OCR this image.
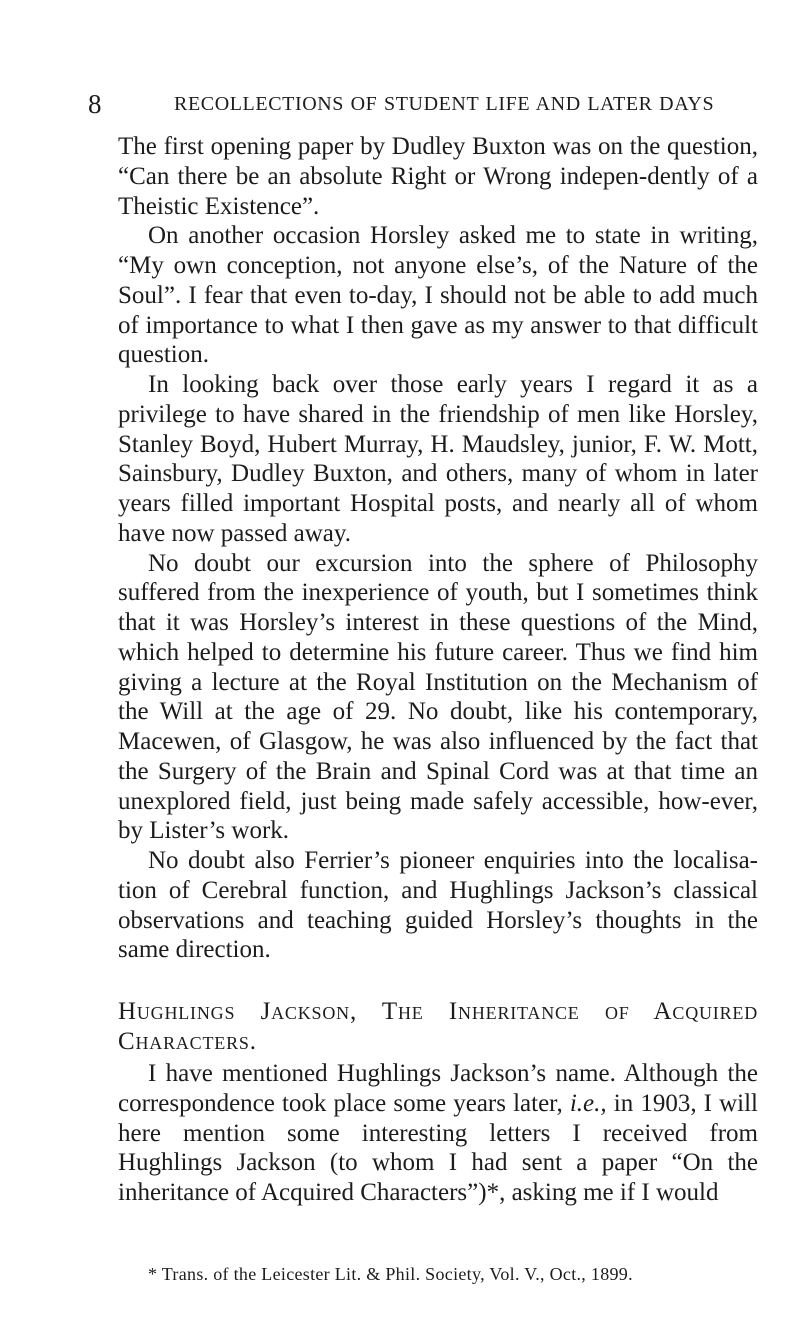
8	RECOLLECTIONS OF STUDENT LIFE AND LATER DAYS

The first opening paper by Dudley Buxton was on the question, “Can there be an absolute Right or Wrong indepen-dently of a Theistic Existence”.

On another occasion Horsley asked me to state in writing, “My own conception, not anyone else’s, of the Nature of the Soul”. I fear that even to-day, I should not be able to add much of importance to what I then gave as my answer to that difficult question.

In looking back over those early years I regard it as a privilege to have shared in the friendship of men like Horsley, Stanley Boyd, Hubert Murray, H. Maudsley, junior, F. W. Mott, Sainsbury, Dudley Buxton, and others, many of whom in later years filled important Hospital posts, and nearly all of whom have now passed away.

No doubt our excursion into the sphere of Philosophy suffered from the inexperience of youth, but I sometimes think that it was Horsley’s interest in these questions of the Mind, which helped to determine his future career. Thus we find him giving a lecture at the Royal Institution on the Mechanism of the Will at the age of 29. No doubt, like his contemporary, Macewen, of Glasgow, he was also influenced by the fact that the Surgery of the Brain and Spinal Cord was at that time an unexplored field, just being made safely accessible, how-ever, by Lister’s work.

No doubt also Ferrier’s pioneer enquiries into the localisa-tion of Cerebral function, and Hughlings Jackson’s classical observations and teaching guided Horsley’s thoughts in the same direction.

Hughlings Jackson, The Inheritance of Acquired Characters.

I have mentioned Hughlings Jackson’s name. Although the correspondence took place some years later, i.e., in 1903, I will here mention some interesting letters I received from Hughlings Jackson (to whom I had sent a paper “On the inheritance of Acquired Characters”)*, asking me if I would

* Trans. of the Leicester Lit. & Phil. Society, Vol. V., Oct., 1899.
